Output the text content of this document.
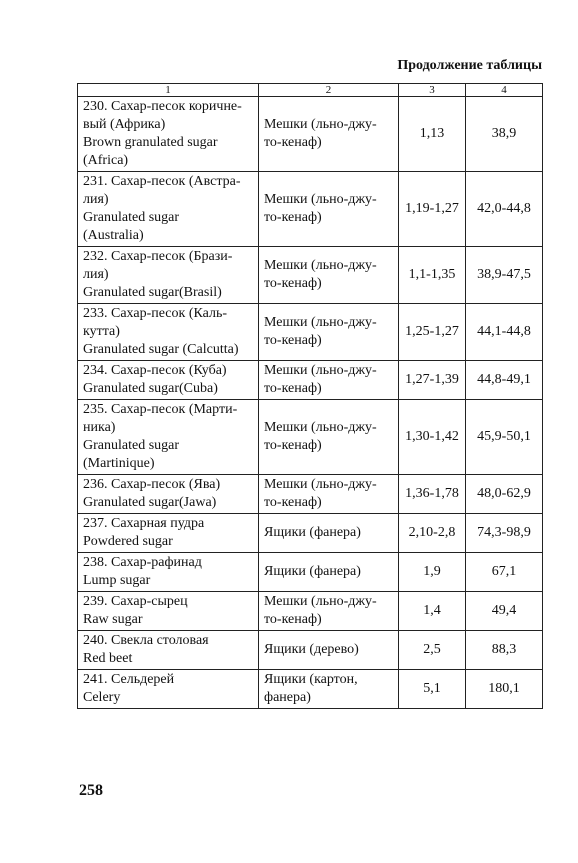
Продолжение таблицы
1	2	3	4

230. Сахар-песок коричне-
вый (Африка)
Brown granulated sugar
(Africa)	Мешки (льно-джу-
то-кенаф)	1,13	38,9

231. Сахар-песок (Австра-
лия)
Granulated sugar
(Australia)	Мешки (льно-джу-
то-кенаф)	1,19-1,27	42,0-44,8

232. Сахар-песок (Брази-
лия)
Granulated sugar(Brasil)	Мешки (льно-джу-
то-кенаф)	1,1-1,35	38,9-47,5

233. Сахар-песок (Каль-
кутта)
Granulated sugar (Calcutta)	Мешки (льно-джу-
то-кенаф)	1,25-1,27	44,1-44,8

234. Сахар-песок (Куба)
Granulated sugar(Cuba)	Мешки (льно-джу-
то-кенаф)	1,27-1,39	44,8-49,1

235. Сахар-песок (Марти-
ника)
Granulated sugar
(Martinique)	Мешки (льно-джу-
то-кенаф)	1,30-1,42	45,9-50,1

236. Сахар-песок (Ява)
Granulated sugar(Jawa)	Мешки (льно-джу-
то-кенаф)	1,36-1,78	48,0-62,9

237. Сахарная пудра
Powdered sugar	Ящики (фанера)	2,10-2,8	74,3-98,9

238. Сахар-рафинад
Lump sugar	Ящики (фанера)	1,9	67,1

239. Сахар-сырец
Raw sugar	Мешки (льно-джу-
то-кенаф)	1,4	49,4

240. Свекла столовая
Red beet	Ящики (дерево)	2,5	88,3

241. Сельдерей
Celery	Ящики (картон,
фанера)	5,1	180,1
258
